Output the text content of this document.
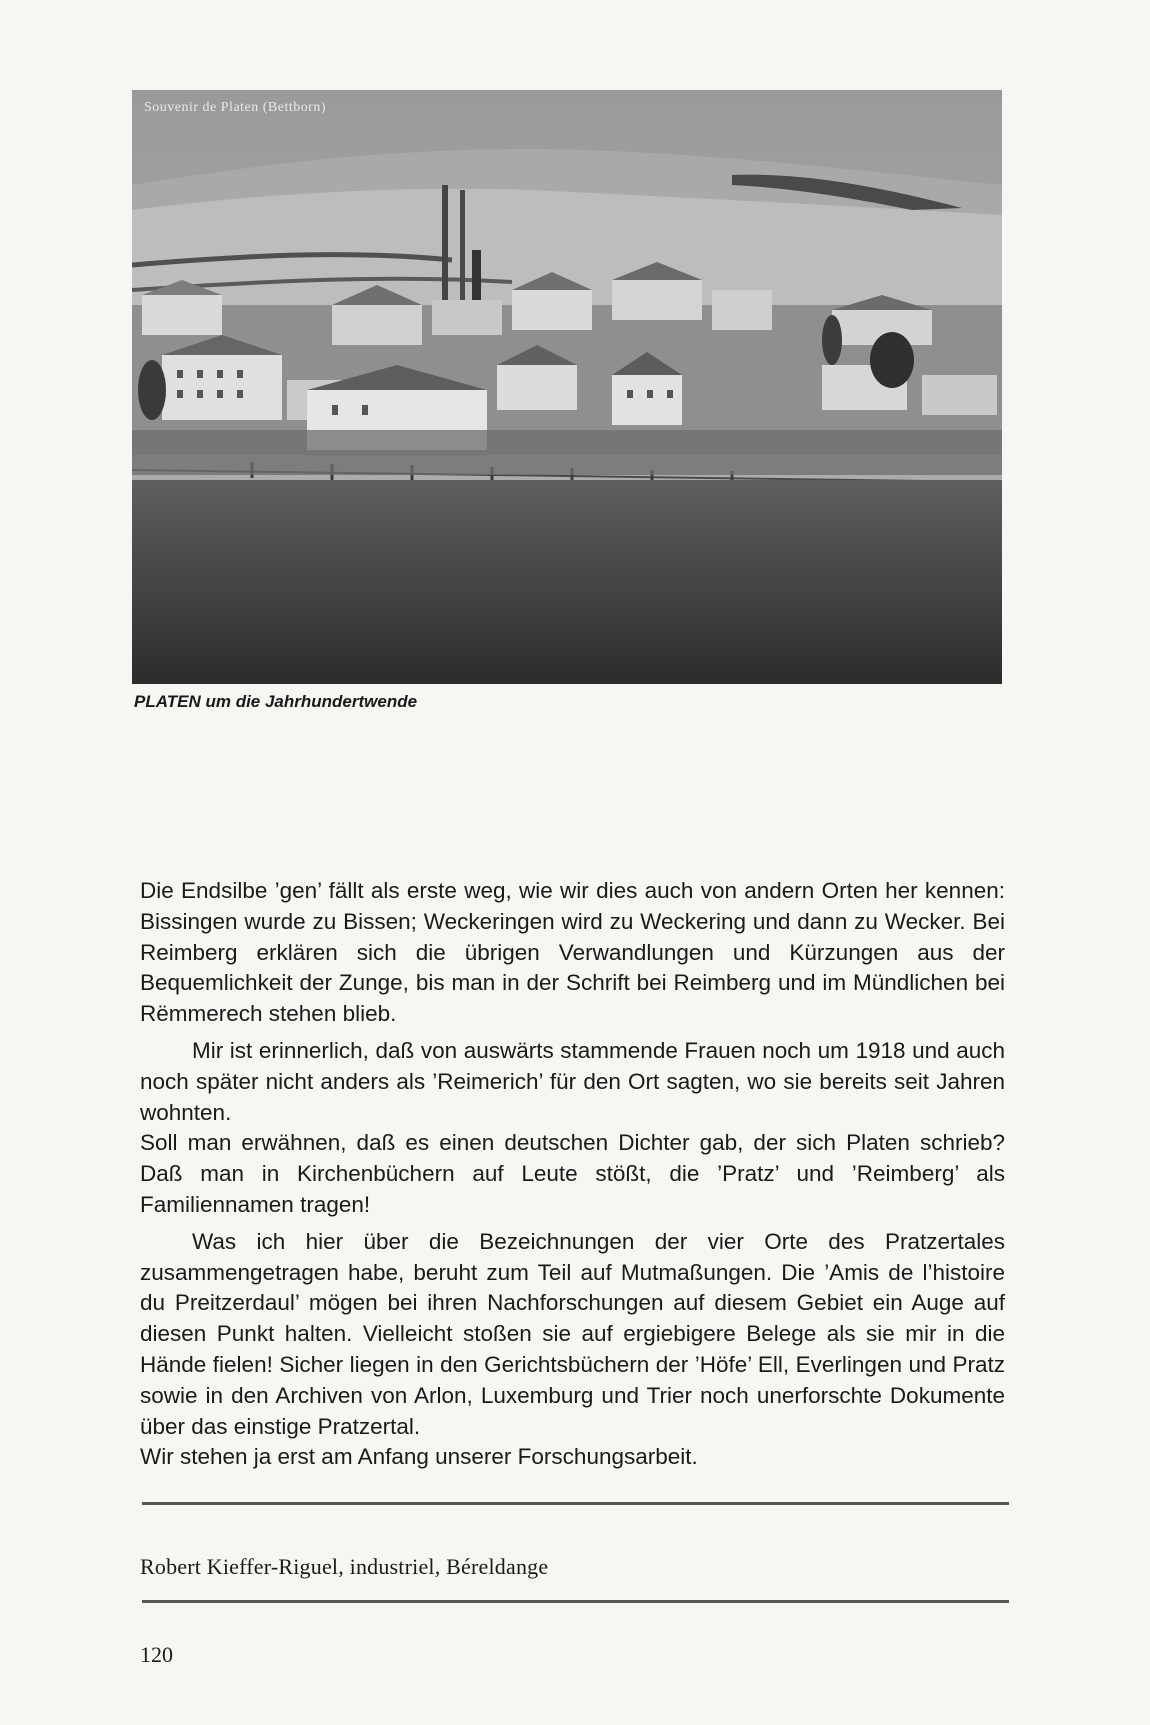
Souvenir de Platen (Bettborn)
PLATEN um die Jahrhundertwende

Die Endsilbe ’gen’ fällt als erste weg, wie wir dies auch von andern Orten her kennen: Bissingen wurde zu Bissen; Weckeringen wird zu Weckering und dann zu Wecker. Bei Reimberg erklären sich die übrigen Verwandlungen und Kürzungen aus der Bequemlichkeit der Zunge, bis man in der Schrift bei Reimberg und im Mündlichen bei Rëmmerech stehen blieb.

Mir ist erinnerlich, daß von auswärts stammende Frauen noch um 1918 und auch noch später nicht anders als ’Reimerich’ für den Ort sagten, wo sie bereits seit Jahren wohnten.

Soll man erwähnen, daß es einen deutschen Dichter gab, der sich Platen schrieb? Daß man in Kirchenbüchern auf Leute stößt, die ’Pratz’ und ’Reimberg’ als Familiennamen tragen!

Was ich hier über die Bezeichnungen der vier Orte des Pratzertales zusammengetragen habe, beruht zum Teil auf Mutmaßungen. Die ’Amis de l’histoire du Preitzerdaul’ mögen bei ihren Nachforschungen auf diesem Gebiet ein Auge auf diesen Punkt halten. Vielleicht stoßen sie auf ergiebigere Belege als sie mir in die Hände fielen! Sicher liegen in den Gerichtsbüchern der ’Höfe’ Ell, Everlingen und Pratz sowie in den Archiven von Arlon, Luxemburg und Trier noch unerforschte Dokumente über das einstige Pratzertal.

Wir stehen ja erst am Anfang unserer Forschungsarbeit.

Robert Kieffer-Riguel, industriel, Béreldange
120
